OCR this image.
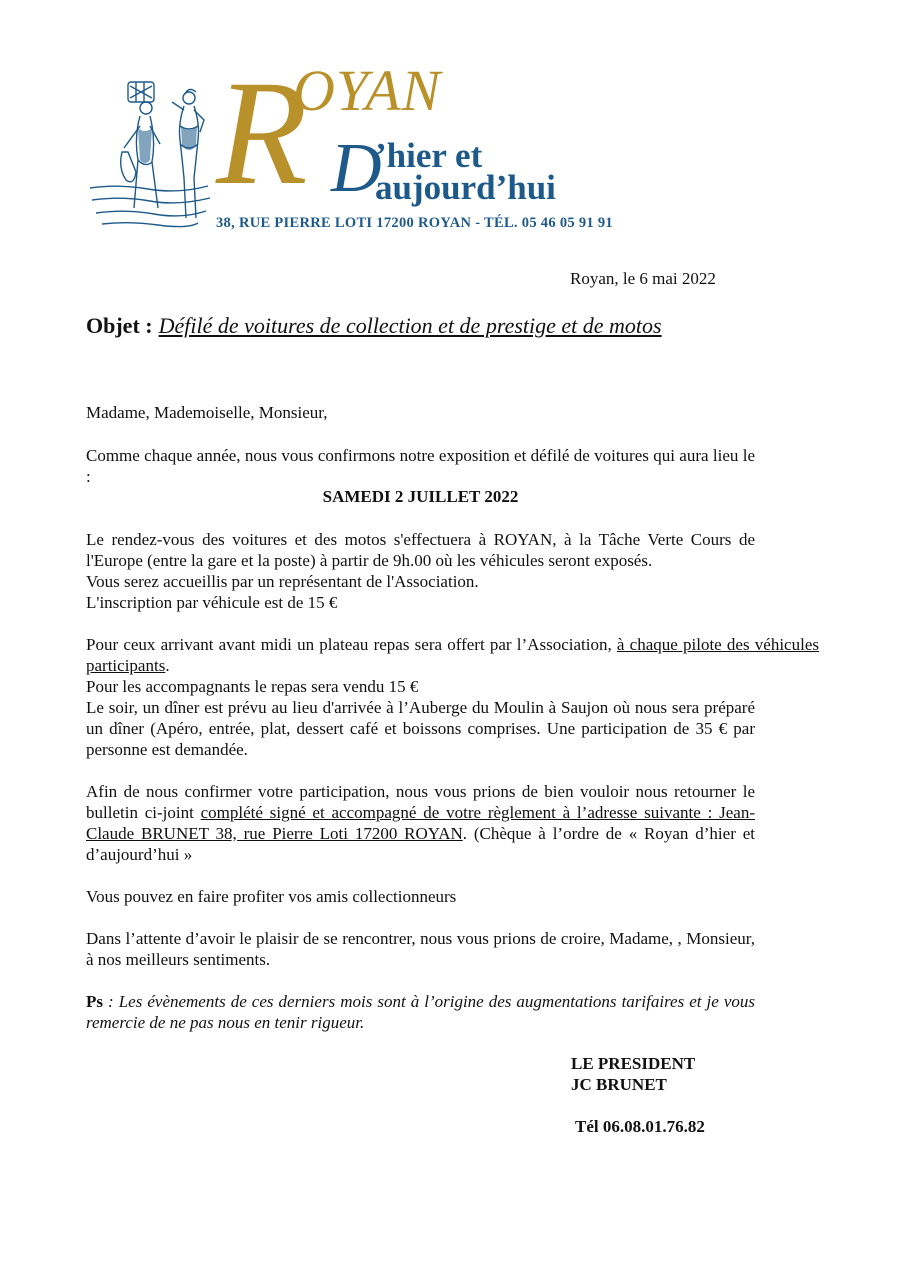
R
OYAN
D
’hier et
aujourd’hui
38, RUE PIERRE LOTI 17200 ROYAN - TÉL. 05 46 05 91 91
Royan, le 6 mai 2022
Objet : Défilé de voitures de collection et de prestige et de motos

Madame, Mademoiselle, Monsieur,

Comme chaque année, nous vous confirmons notre exposition et défilé de voitures qui aura lieu le :

SAMEDI 2 JUILLET 2022
Le rendez-vous des voitures et des motos s'effectuera à ROYAN, à la Tâche Verte Cours de l'Europe (entre la gare et la poste) à partir de 9h.00 où les véhicules seront exposés.
Vous serez accueillis par un représentant de l'Association.
L'inscription par véhicule est de 15 €
Pour ceux arrivant avant midi un plateau repas sera offert par l’Association, à chaque pilote des véhicules participants.
Pour les accompagnants le repas sera vendu 15 €
Le soir, un dîner est prévu au lieu d'arrivée à l’Auberge du Moulin à Saujon où nous sera préparé un dîner (Apéro, entrée, plat, dessert café et boissons comprises. Une participation de 35 € par personne est demandée.
Afin de nous confirmer votre participation, nous vous prions de bien vouloir nous retourner le bulletin ci-joint complété signé et accompagné de votre règlement à l’adresse suivante : Jean-Claude BRUNET 38, rue Pierre Loti 17200 ROYAN. (Chèque à l’ordre de « Royan d’hier et d’aujourd’hui »

Vous pouvez en faire profiter vos amis collectionneurs

Dans l’attente d’avoir le plaisir de se rencontrer, nous vous prions de croire, Madame, , Monsieur, à nos meilleurs sentiments.

Ps : Les évènements de ces derniers mois sont à l’origine des augmentations tarifaires et je vous remercie de ne pas nous en tenir rigueur.
LE PRESIDENT
JC BRUNET
Tél 06.08.01.76.82
